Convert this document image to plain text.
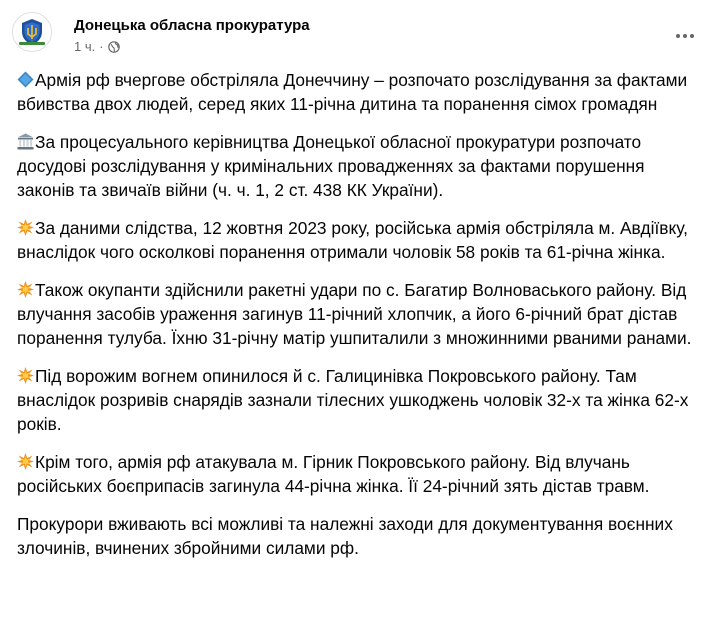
Донецька обласна прокуратура
1 ч. ·

Армія рф вчергове обстріляла Донеччину – розпочато розслідування за фактами вбивства двох людей, серед яких 11-річна дитина та поранення сімох громадян

За процесуального керівництва Донецької обласної прокуратури розпочато досудові розслідування у кримінальних провадженнях за фактами порушення законів та звичаїв війни (ч. ч. 1, 2 ст. 438 КК України).

За даними слідства, 12 жовтня 2023 року, російська армія обстріляла м. Авдіївку, внаслідок чого осколкові поранення отримали чоловік 58 років та 61-річна жінка.

Також окупанти здійснили ракетні удари по с. Багатир Волноваського району. Від влучання засобів ураження загинув 11-річний хлопчик, а його 6-річний брат дістав поранення тулуба. Їхню 31-річну матір ушпиталили з множинними рваними ранами.

Під ворожим вогнем опинилося й с. Галицинівка Покровського району. Там внаслідок розривів снарядів зазнали тілесних ушкоджень чоловік 32-х та жінка 62-х років.

Крім того, армія рф атакувала м. Гірник Покровського району. Від влучань російських боєприпасів загинула 44-річна жінка. Її 24-річний зять дістав травм.

Прокурори вживають всі можливі та належні заходи для документування воєнних злочинів, вчинених збройними силами рф.
